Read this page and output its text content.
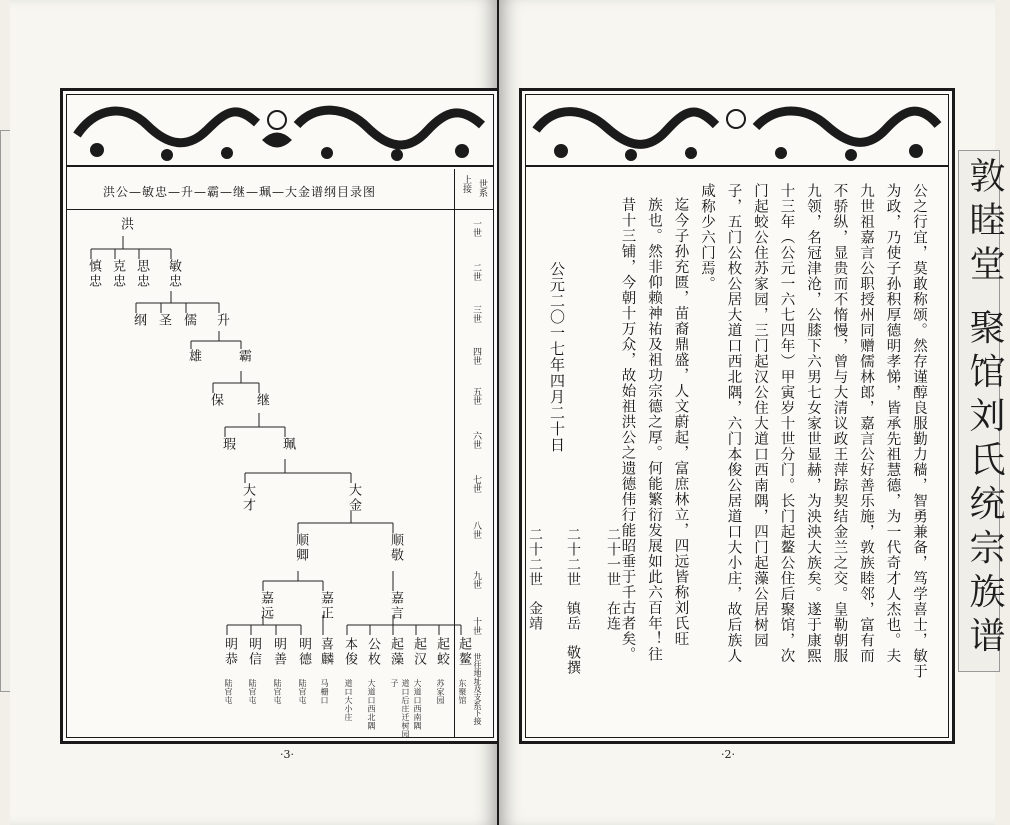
洪公—敏忠—升—霸—继—珮—大金谱纲目录图	上接 世系
一世
二世
三世
四世
五世
六世
七世
八世
九世
十世
世往地址及支系下接
洪
慎忠 克忠 思忠 敏忠
纲 圣 儒 升
雄	霸
保 继
瑕	珮
大才	大金
顺卿	顺敬
嘉远	嘉正	嘉言
明恭 明信 明善 明德 喜麟 本俊 公枚 起藻 起汉 起蛟 起鳌
陆官屯 陆官屯 陆官屯 陆官屯 马栅口 道口大小庄 大道口西北隅	道口后庄迁树园子	大道口西南隅 苏家园 东聚馆
·3·
公之行宜，莫敢称颂。然存谨醇良服勤力穑，智勇兼备，笃学喜士，敏于
为政，乃使子孙积厚德明孝悌，皆承先祖慧德，为一代奇才人杰也。夫
九世祖嘉言公职授州同赠儒林郎，嘉言公好善乐施，敦族睦邻，富有而
不骄纵，显贵而不惰慢，曾与大清议政王萍踪契结金兰之交。皇勒朝服
九领，名冠津沧，公膝下六男七女家世显赫，为泱泱大族矣。遂于康熙
十三年（公元一六七四年）甲寅岁十世分门。长门起鳌公住后聚馆，次
门起蛟公住苏家园，三门起汉公住大道口西南隅，四门起藻公居树园
子，五门公枚公居大道口西北隅，六门本俊公居道口大小庄，故后族人
咸称少六门焉。
迄今子孙充匮，苗裔鼎盛，人文蔚起，富庶林立，四远皆称刘氏旺
族也。然非仰赖神祐及祖功宗德之厚。何能繁衍发展如此六百年！往
昔十三铺，今朝十万众，故始祖洪公之遗德伟行能昭垂于千古者矣。
公元二〇一七年四月二十日
二十一世在连
二十二世镇岳敬撰
二十二世金靖
·2·
敦睦堂 聚馆刘氏统宗族谱
